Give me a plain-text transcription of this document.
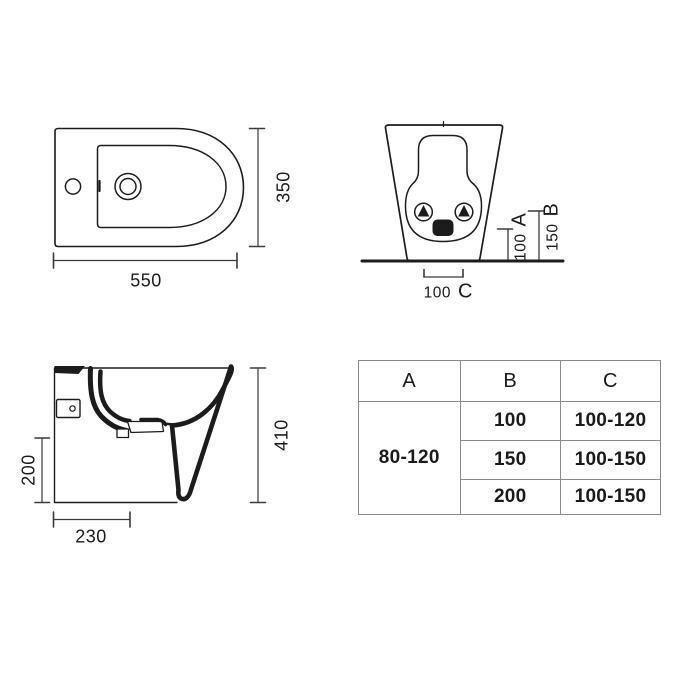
550
350
100
A
150
B
100 C
200
410
230
A	B	C
80-120
100	100-120
150	100-150
200	100-150
